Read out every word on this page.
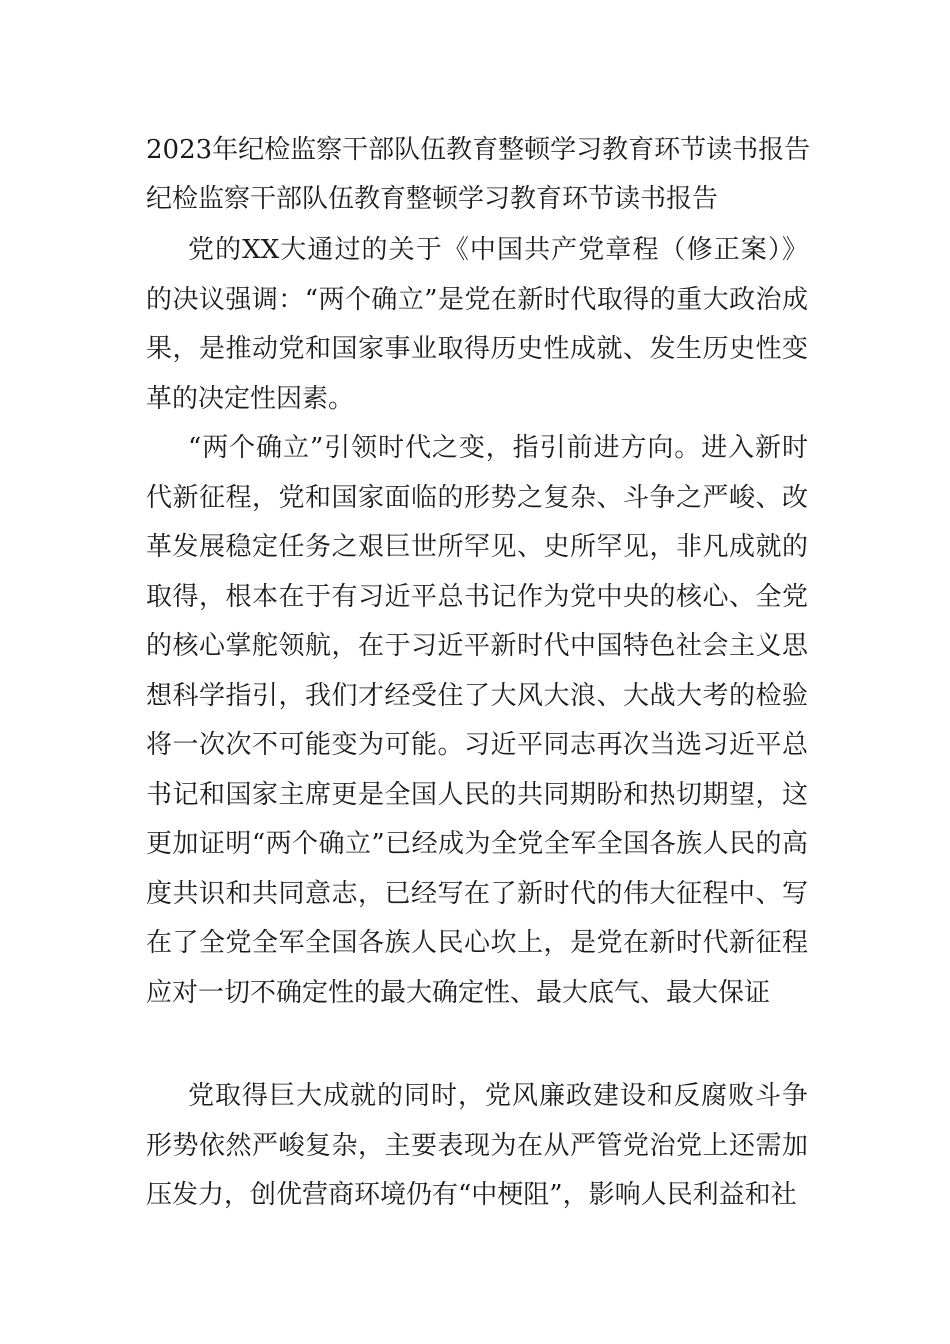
2023年纪检监察干部队伍教育整顿学习教育环节读书报告
纪检监察干部队伍教育整顿学习教育环节读书报告

党的XX大通过的关于《中国共产党章程（修正案）》的决议强调：“两个确立”是党在新时代取得的重大政治成果，是推动党和国家事业取得历史性成就、发生历史性变革的决定性因素。

“两个确立”引领时代之变，指引前进方向。进入新时代新征程，党和国家面临的形势之复杂、斗争之严峻、改革发展稳定任务之艰巨世所罕见、史所罕见，非凡成就的取得，根本在于有习近平总书记作为党中央的核心、全党的核心掌舵领航，在于习近平新时代中国特色社会主义思想科学指引，我们才经受住了大风大浪、大战大考的检验将一次次不可能变为可能。习近平同志再次当选习近平总书记和国家主席更是全国人民的共同期盼和热切期望，这更加证明“两个确立”已经成为全党全军全国各族人民的高度共识和共同意志，已经写在了新时代的伟大征程中、写在了全党全军全国各族人民心坎上，是党在新时代新征程应对一切不确定性的最大确定性、最大底气、最大保证

党取得巨大成就的同时，党风廉政建设和反腐败斗争形势依然严峻复杂，主要表现为在从严管党治党上还需加压发力，创优营商环境仍有“中梗阻”，影响人民利益和社
